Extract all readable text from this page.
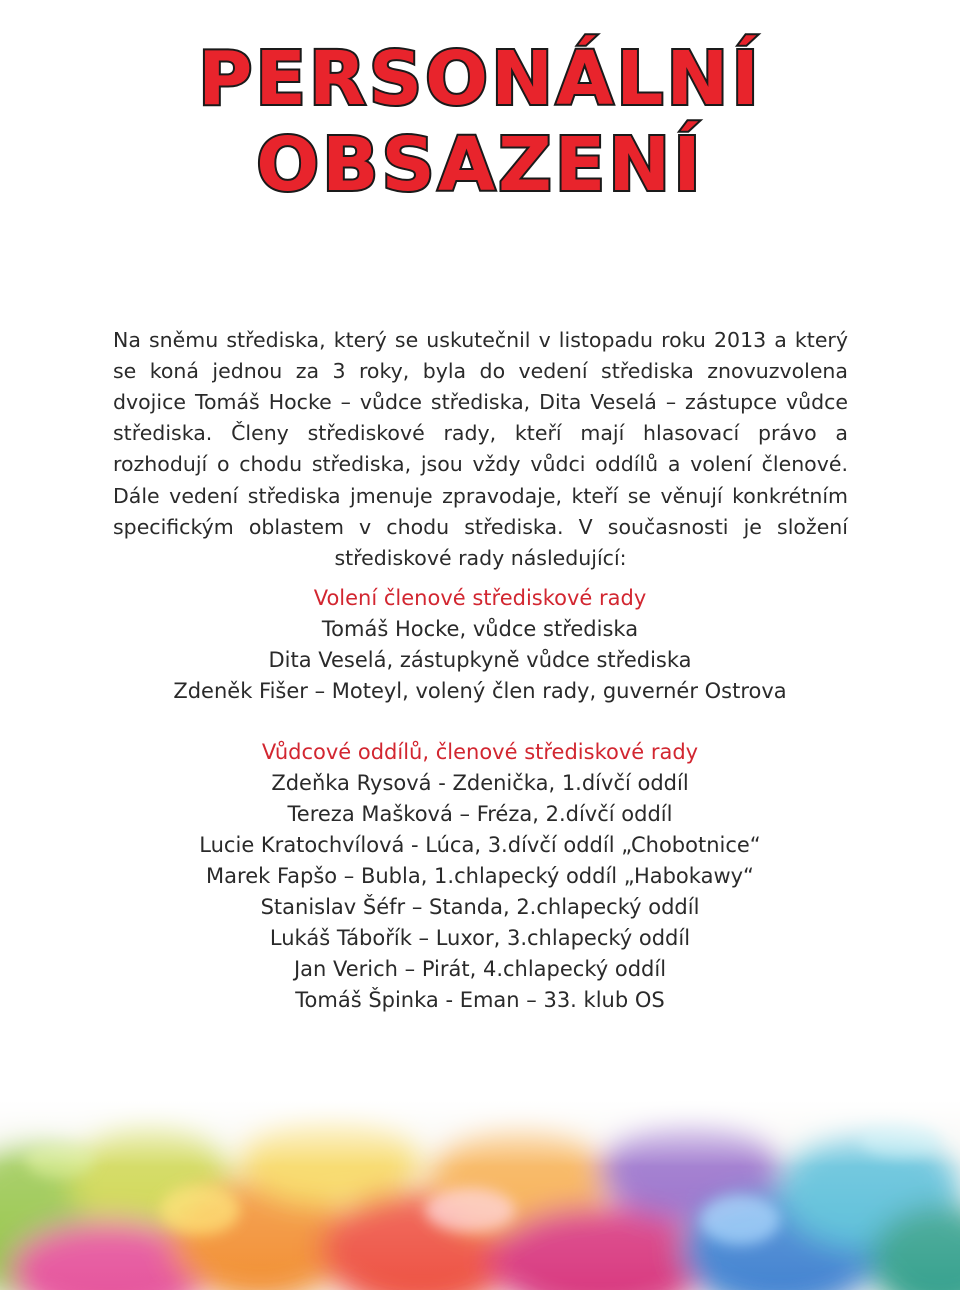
PERSONÁLNÍ
OBSAZENÍ

Na sněmu střediska, který se uskutečnil v listopadu roku 2013 a který se koná jednou za 3 roky, byla do vedení střediska znovuzvolena dvojice Tomáš Hocke – vůdce střediska, Dita Veselá – zástupce vůdce střediska. Členy střediskové rady, kteří mají hlasovací právo a rozhodují o chodu střediska, jsou vždy vůdci oddílů a volení členové. Dále vedení střediska jmenuje zpravodaje, kteří se věnují konkrétním specifickým oblastem v chodu střediska. V současnosti je složení střediskové rady následující:

Volení členové střediskové rady

Tomáš Hocke, vůdce střediska

Dita Veselá, zástupkyně vůdce střediska

Zdeněk Fišer – Moteyl, volený člen rady, guvernér Ostrova

Vůdcové oddílů, členové střediskové rady

Zdeňka Rysová - Zdenička, 1.dívčí oddíl

Tereza Mašková – Fréza, 2.dívčí oddíl

Lucie Kratochvílová - Lúca, 3.dívčí oddíl „Chobotnice“

Marek Fapšo – Bubla, 1.chlapecký oddíl „Habokawy“

Stanislav Šéfr – Standa, 2.chlapecký oddíl

Lukáš Tábořík – Luxor, 3.chlapecký oddíl

Jan Verich – Pirát, 4.chlapecký oddíl

Tomáš Špinka - Eman – 33. klub OS
